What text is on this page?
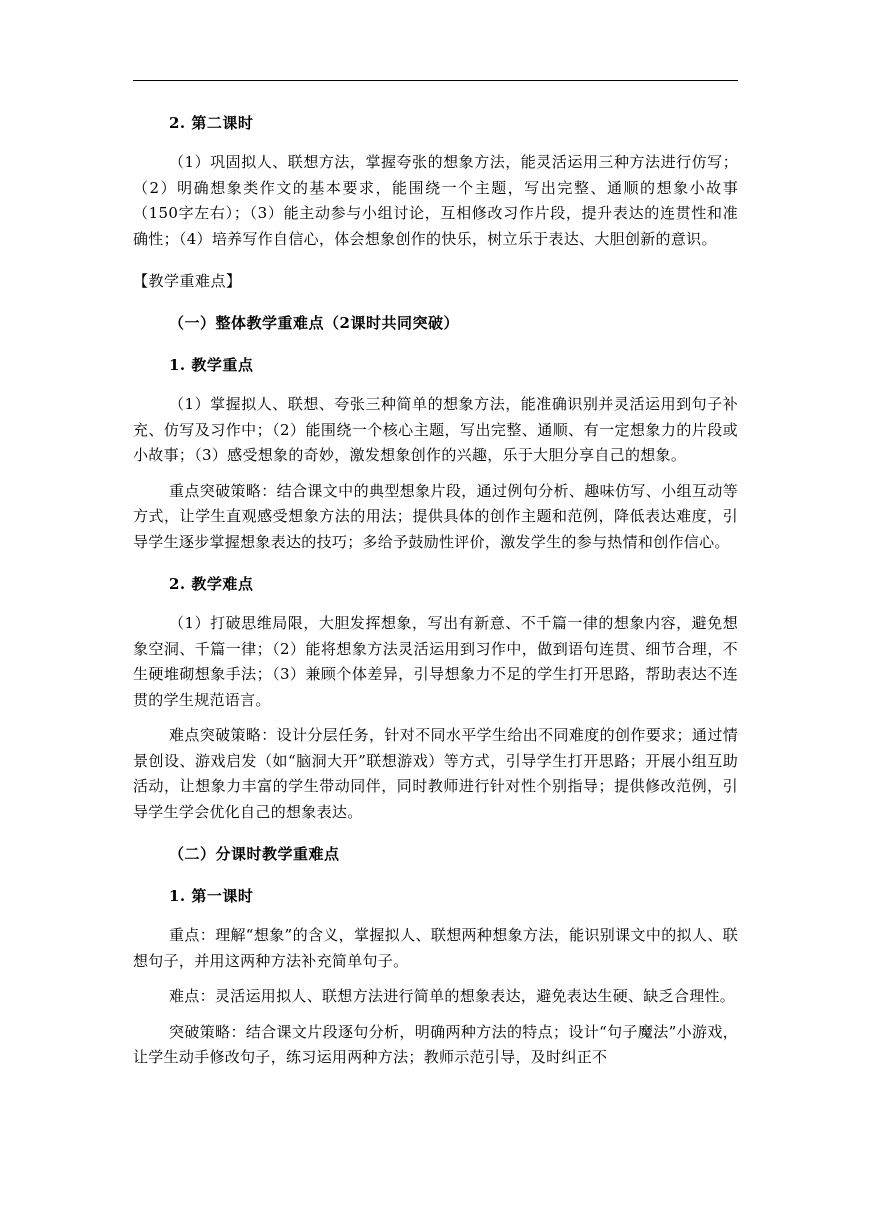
2. 第二课时

（1）巩固拟人、联想方法，掌握夸张的想象方法，能灵活运用三种方法进行仿写；（2）明确想象类作文的基本要求，能围绕一个主题，写出完整、通顺的想象小故事（150字左右）；（3）能主动参与小组讨论，互相修改习作片段，提升表达的连贯性和准确性；（4）培养写作自信心，体会想象创作的快乐，树立乐于表达、大胆创新的意识。

【教学重难点】

（一）整体教学重难点（2课时共同突破）

1. 教学重点

（1）掌握拟人、联想、夸张三种简单的想象方法，能准确识别并灵活运用到句子补充、仿写及习作中；（2）能围绕一个核心主题，写出完整、通顺、有一定想象力的片段或小故事；（3）感受想象的奇妙，激发想象创作的兴趣，乐于大胆分享自己的想象。

重点突破策略：结合课文中的典型想象片段，通过例句分析、趣味仿写、小组互动等方式，让学生直观感受想象方法的用法；提供具体的创作主题和范例，降低表达难度，引导学生逐步掌握想象表达的技巧；多给予鼓励性评价，激发学生的参与热情和创作信心。

2. 教学难点

（1）打破思维局限，大胆发挥想象，写出有新意、不千篇一律的想象内容，避免想象空洞、千篇一律；（2）能将想象方法灵活运用到习作中，做到语句连贯、细节合理，不生硬堆砌想象手法；（3）兼顾个体差异，引导想象力不足的学生打开思路，帮助表达不连贯的学生规范语言。

难点突破策略：设计分层任务，针对不同水平学生给出不同难度的创作要求；通过情景创设、游戏启发（如“脑洞大开”联想游戏）等方式，引导学生打开思路；开展小组互助活动，让想象力丰富的学生带动同伴，同时教师进行针对性个别指导；提供修改范例，引导学生学会优化自己的想象表达。

（二）分课时教学重难点

1. 第一课时

重点：理解“想象”的含义，掌握拟人、联想两种想象方法，能识别课文中的拟人、联想句子，并用这两种方法补充简单句子。

难点：灵活运用拟人、联想方法进行简单的想象表达，避免表达生硬、缺乏合理性。

突破策略：结合课文片段逐句分析，明确两种方法的特点；设计“句子魔法”小游戏，让学生动手修改句子，练习运用两种方法；教师示范引导，及时纠正不
